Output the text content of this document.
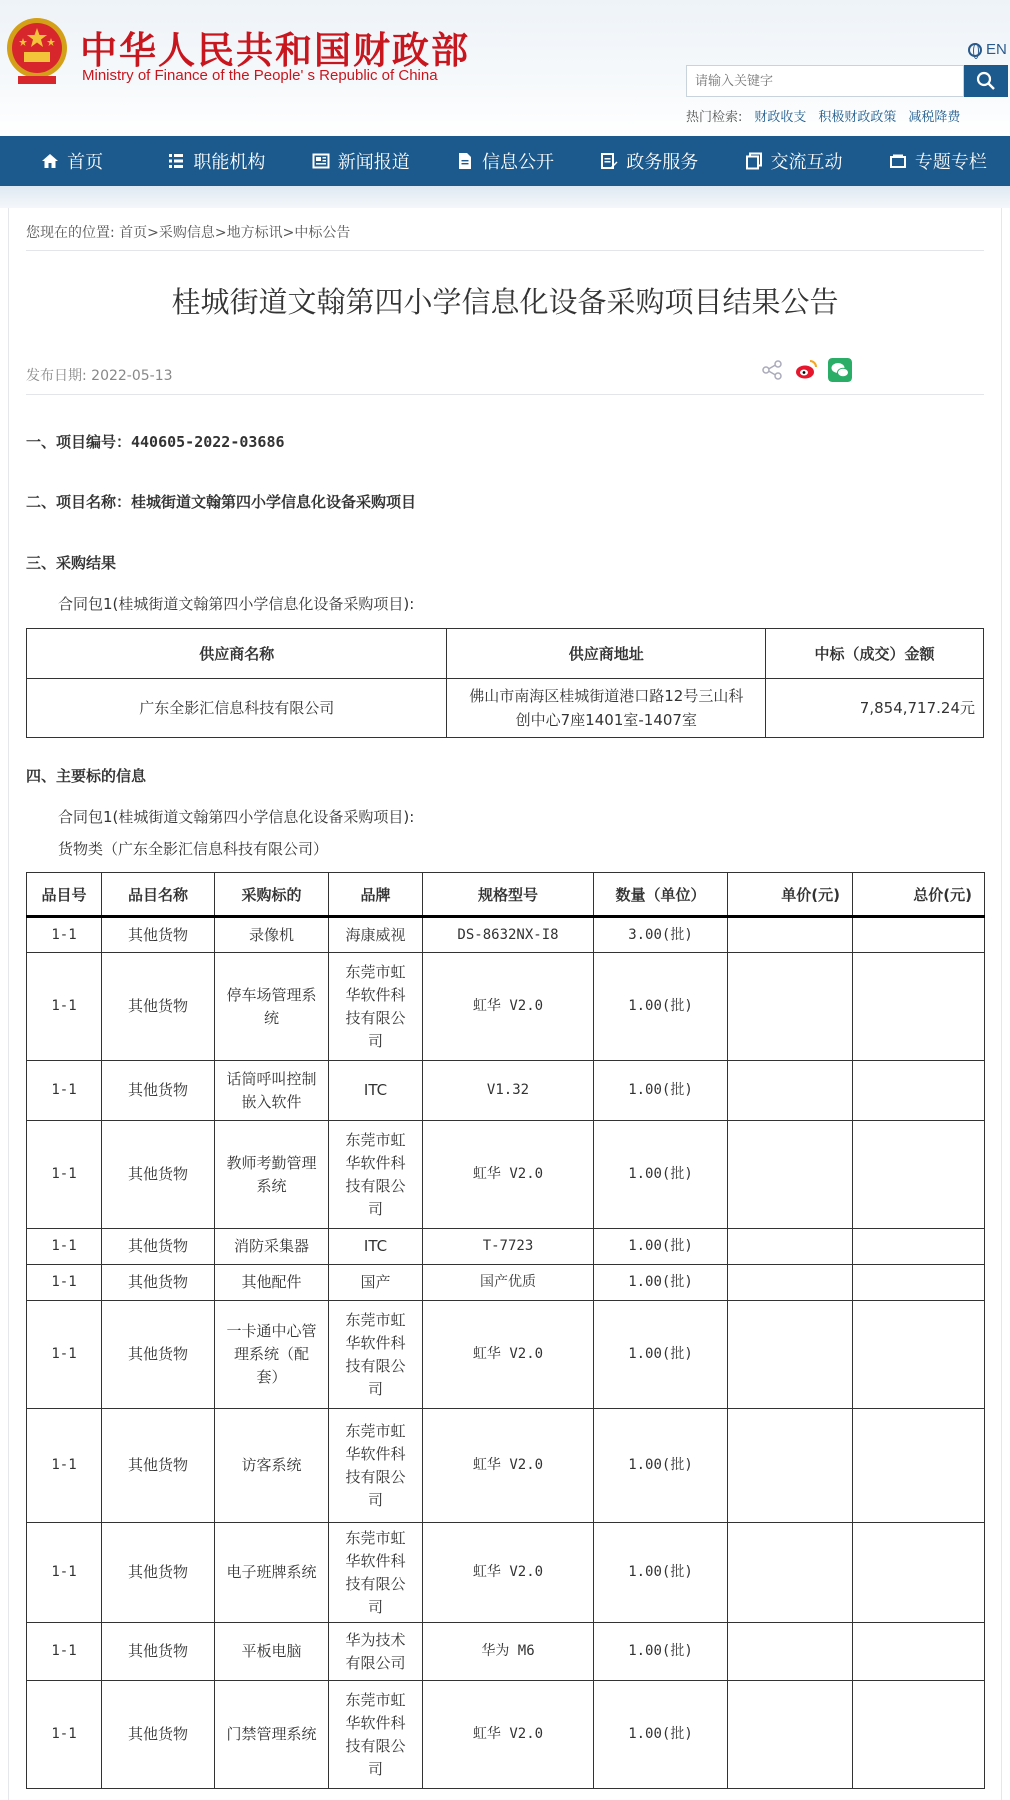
中华人民共和国财政部
Ministry of Finance of the People' s Republic of China
EN
请输入关键字
热门检索: 财政收支 积极财政政策 减税降费
首页	职能机构	新闻报道	信息公开	政务服务	交流互动	专题专栏
您现在的位置: 首页>采购信息>地方标讯>中标公告
桂城街道文翰第四小学信息化设备采购项目结果公告
发布日期: 2022-05-13
一、项目编号：440605-2022-03686
二、项目名称：桂城街道文翰第四小学信息化设备采购项目
三、采购结果
合同包1(桂城街道文翰第四小学信息化设备采购项目):
供应商名称	供应商地址	中标（成交）金额
广东全影汇信息科技有限公司	佛山市南海区桂城街道港口路12号三山科
创中心7座1401室-1407室	7,854,717.24元
四、主要标的信息
合同包1(桂城街道文翰第四小学信息化设备采购项目):
货物类（广东全影汇信息科技有限公司）
品目号	品目名称	采购标的	品牌	规格型号	数量（单位）	单价(元)	总价(元)
1-1	其他货物	录像机	海康威视	DS-8632NX-I8	3.00(批)		
1-1	其他货物	停车场管理系
统	东莞市虹
华软件科
技有限公
司	虹华 V2.0	1.00(批)		
1-1	其他货物	话筒呼叫控制
嵌入软件	ITC	V1.32	1.00(批)		
1-1	其他货物	教师考勤管理
系统	东莞市虹
华软件科
技有限公
司	虹华 V2.0	1.00(批)		
1-1	其他货物	消防采集器	ITC	T-7723	1.00(批)		
1-1	其他货物	其他配件	国产	国产优质	1.00(批)		
1-1	其他货物	一卡通中心管
理系统（配
套）	东莞市虹
华软件科
技有限公
司	虹华 V2.0	1.00(批)		
1-1	其他货物	访客系统	东莞市虹
华软件科
技有限公
司	虹华 V2.0	1.00(批)		
1-1	其他货物	电子班牌系统	东莞市虹
华软件科
技有限公
司	虹华 V2.0	1.00(批)		
1-1	其他货物	平板电脑	华为技术
有限公司	华为 M6	1.00(批)		
1-1	其他货物	门禁管理系统	东莞市虹
华软件科
技有限公
司	虹华 V2.0	1.00(批)		
